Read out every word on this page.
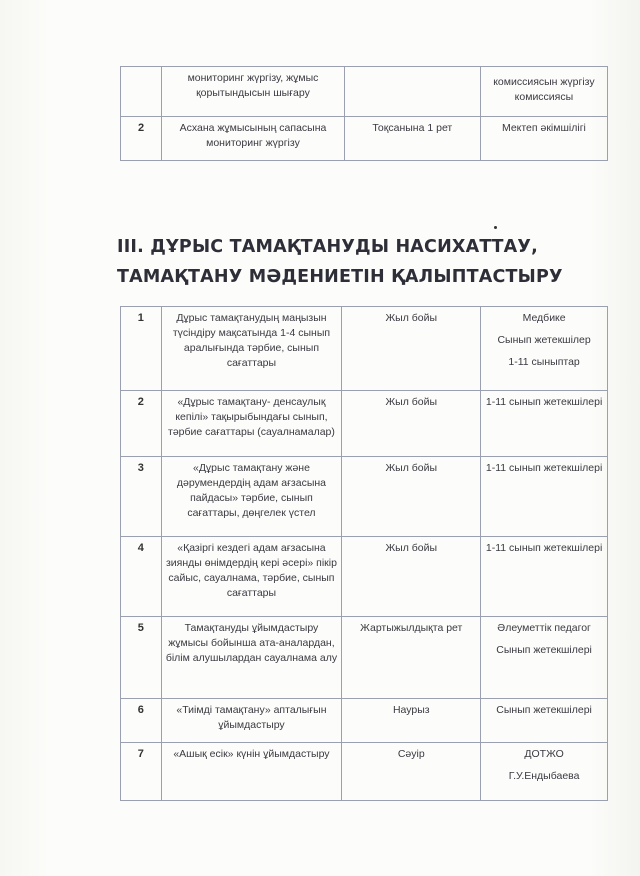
	мониторинг жүргізу, жұмыс қорытындысын шығару		комиссиясын жүргізу комиссиясы

2	Асхана жұмысының сапасына мониторинг жүргізу	Тоқсанына 1 рет	Мектеп әкімшілігі
III. ДҰРЫС ТАМАҚТАНУДЫ НАСИХАТТАУ, ТАМАҚТАНУ МӘДЕНИЕТІН ҚАЛЫПТАСТЫРУ
1	Дұрыс тамақтанудың маңызын түсіндіру мақсатында 1-4 сынып аралығында тәрбие, сынып сағаттары	Жыл бойы	Медбике
Сынып жетекшілер
1-11 сыныптар

2	«Дұрыс тамақтану- денсаулық кепілі» тақырыбындағы сынып, тәрбие сағаттары (сауалнамалар)	Жыл бойы	1-11 сынып жетекшілері

3	«Дұрыс тамақтану және дәрумендердің адам ағзасына пайдасы» тәрбие, сынып сағаттары, дөңгелек үстел	Жыл бойы	1-11 сынып жетекшілері

4	«Қазіргі кездегі адам ағзасына зиянды өнімдердің кері әсері» пікір сайыс, сауалнама, тәрбие, сынып сағаттары	Жыл бойы	1-11 сынып жетекшілері

5	Тамақтануды ұйымдастыру жұмысы бойынша ата-аналардан, білім алушылардан сауалнама алу	Жартыжылдықта рет	Әлеуметтік педагог
Сынып жетекшілері

6	«Тиімді тамақтану» апталығын ұйымдастыру	Наурыз	Сынып жетекшілері

7	«Ашық есік» күнін ұйымдастыру	Сәуір	ДОТЖО
Г.У.Ендыбаева
